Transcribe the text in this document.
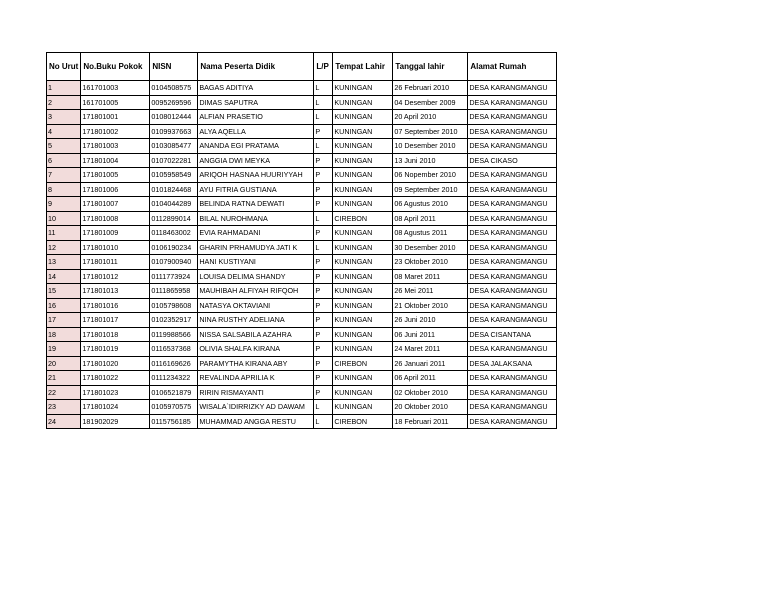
No Urut	No.Buku Pokok	NISN	Nama Peserta Didik	L/P	Tempat Lahir	Tanggal lahir	Alamat Rumah
1	161701003	0104508575	BAGAS ADITIYA	L	KUNINGAN	26 Februari 2010	DESA KARANGMANGU
2	161701005	0095269596	DIMAS SAPUTRA	L	KUNINGAN	04 Desember 2009	DESA KARANGMANGU
3	171801001	0108012444	ALFIAN PRASETIO	L	KUNINGAN	20 April 2010	DESA KARANGMANGU
4	171801002	0109937663	ALYA AQELLA	P	KUNINGAN	07 September 2010	DESA KARANGMANGU
5	171801003	0103085477	ANANDA EGI PRATAMA	L	KUNINGAN	10 Desember 2010	DESA KARANGMANGU
6	171801004	0107022281	ANGGIA DWI MEYKA	P	KUNINGAN	13 Juni 2010	DESA CIKASO
7	171801005	0105958549	ARIQOH HASNAA HUURIYYAH	P	KUNINGAN	06 Nopember 2010	DESA KARANGMANGU
8	171801006	0101824468	AYU FITRIA GUSTIANA	P	KUNINGAN	09 September 2010	DESA KARANGMANGU
9	171801007	0104044289	BELINDA RATNA DEWATI	P	KUNINGAN	06 Agustus 2010	DESA KARANGMANGU
10	171801008	0112899014	BILAL NUROHMANA	L	CIREBON	08 April 2011	DESA KARANGMANGU
11	171801009	0118463002	EVIA RAHMADANI	P	KUNINGAN	08 Agustus 2011	DESA KARANGMANGU
12	171801010	0106190234	GHARIN PRHAMUDYA JATI K	L	KUNINGAN	30 Desember 2010	DESA KARANGMANGU
13	171801011	0107900940	HANI KUSTIYANI	P	KUNINGAN	23 Oktober 2010	DESA KARANGMANGU
14	171801012	0111773924	LOUISA DELIMA SHANDY	P	KUNINGAN	08 Maret 2011	DESA KARANGMANGU
15	171801013	0111865958	MAUHIBAH ALFIYAH RIFQOH	P	KUNINGAN	26 Mei 2011	DESA KARANGMANGU
16	171801016	0105798608	NATASYA OKTAVIANI	P	KUNINGAN	21 Oktober 2010	DESA KARANGMANGU
17	171801017	0102352917	NINA RUSTHY ADELIANA	P	KUNINGAN	26 Juni 2010	DESA KARANGMANGU
18	171801018	0119988566	NISSA SALSABILA AZAHRA	P	KUNINGAN	06 Juni 2011	DESA CISANTANA
19	171801019	0116537368	OLIVIA SHALFA KIRANA	P	KUNINGAN	24 Maret 2011	DESA KARANGMANGU
20	171801020	0116169626	PARAMYTHA KIRANA ABY	P	CIREBON	26 Januari 2011	DESA JALAKSANA
21	171801022	0111234322	REVALINDA APRILIA K	P	KUNINGAN	06 April 2011	DESA KARANGMANGU
22	171801023	0106521879	RIRIN RISMAYANTI	P	KUNINGAN	02 Oktober 2010	DESA KARANGMANGU
23	171801024	0105970575	WISALA`IDIRRIZKY AD DAWAM	L	KUNINGAN	20 Oktober 2010	DESA KARANGMANGU
24	181902029	0115756185	MUHAMMAD ANGGA RESTU	L	CIREBON	18 Februari 2011	DESA KARANGMANGU
